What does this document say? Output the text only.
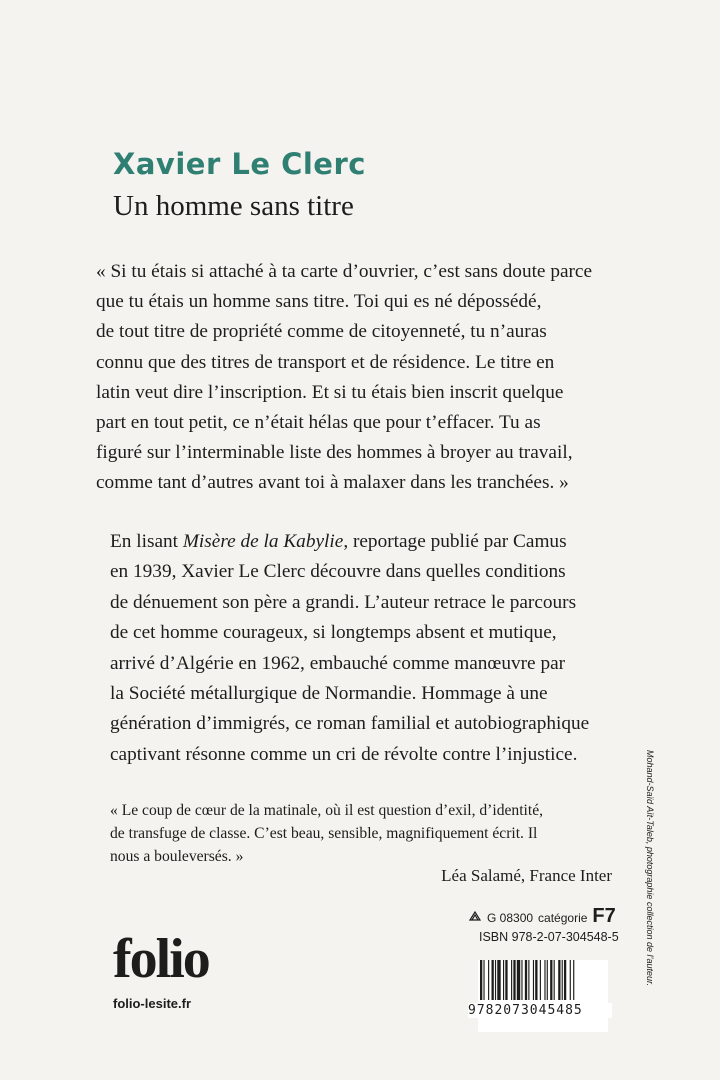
Xavier Le Clerc
Un homme sans titre
« Si tu étais si attaché à ta carte d’ouvrier, c’est sans doute parce
que tu étais un homme sans titre. Toi qui es né dépossédé,
de tout titre de propriété comme de citoyenneté, tu n’auras
connu que des titres de transport et de résidence. Le titre en
latin veut dire l’inscription. Et si tu étais bien inscrit quelque
part en tout petit, ce n’était hélas que pour t’effacer. Tu as
figuré sur l’interminable liste des hommes à broyer au travail,
comme tant d’autres avant toi à malaxer dans les tranchées. »
En lisant Misère de la Kabylie, reportage publié par Camus
en 1939, Xavier Le Clerc découvre dans quelles conditions
de dénuement son père a grandi. L’auteur retrace le parcours
de cet homme courageux, si longtemps absent et mutique,
arrivé d’Algérie en 1962, embauché comme manœuvre par
la Société métallurgique de Normandie. Hommage à une
génération d’immigrés, ce roman familial et autobiographique
captivant résonne comme un cri de révolte contre l’injustice.
« Le coup de cœur de la matinale, où il est question d’exil, d’identité,
de transfuge de classe. C’est beau, sensible, magnifiquement écrit. Il
nous a bouleversés. »
Léa Salamé, France Inter
folio
folio-lesite.fr
G 08300 catégorie F7
ISBN 978-2-07-304548-5
9782073045485
Mohand-Saïd Aït-Taleb, photographie collection de l’auteur.
